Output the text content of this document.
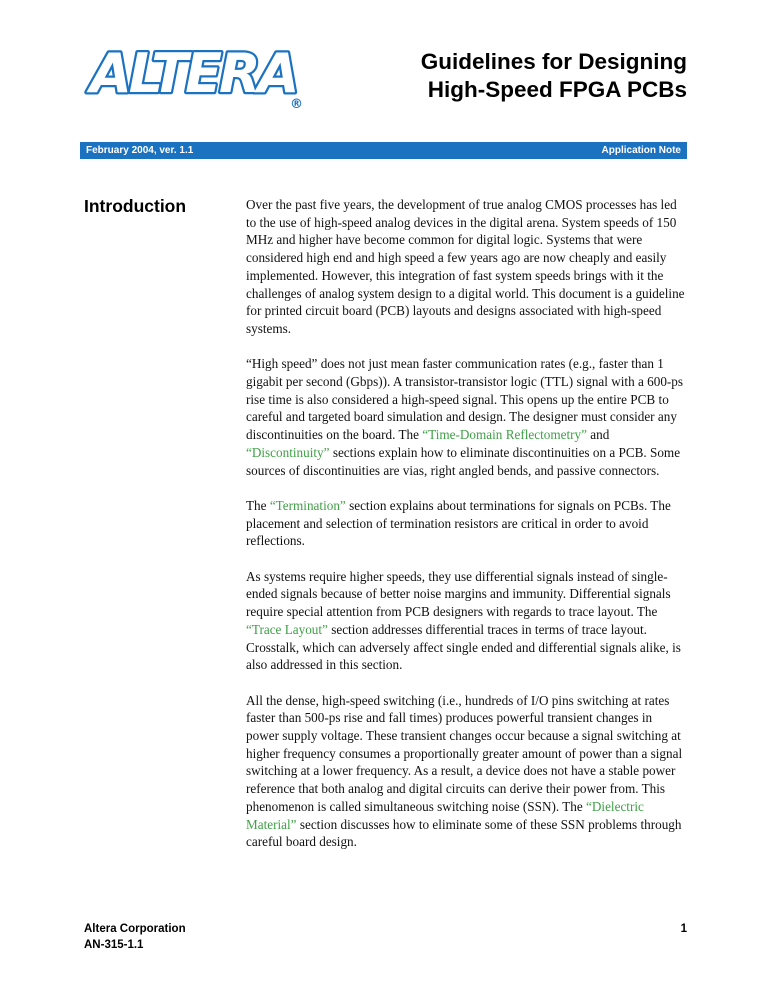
ALTERA
®
Guidelines for Designing
High-Speed FPGA PCBs
February 2004, ver. 1.1	Application Note
Introduction	Over the past five years, the development of true analog CMOS processes has led to the use of high-speed analog devices in the digital arena. System speeds of 150 MHz and higher have become common for digital logic. Systems that were considered high end and high speed a few years ago are now cheaply and easily implemented. However, this integration of fast system speeds brings with it the challenges of analog system design to a digital world. This document is a guideline for printed circuit board (PCB) layouts and designs associated with high-speed systems.

“High speed” does not just mean faster communication rates (e.g., faster than 1 gigabit per second (Gbps)). A transistor-transistor logic (TTL) signal with a 600-ps rise time is also considered a high-speed signal. This opens up the entire PCB to careful and targeted board simulation and design. The designer must consider any discontinuities on the board. The “Time-Domain Reflectometry” and “Discontinuity” sections explain how to eliminate discontinuities on a PCB. Some sources of discontinuities are vias, right angled bends, and passive connectors.

The “Termination” section explains about terminations for signals on PCBs. The placement and selection of termination resistors are critical in order to avoid reflections.

As systems require higher speeds, they use differential signals instead of single-ended signals because of better noise margins and immunity. Differential signals require special attention from PCB designers with regards to trace layout. The “Trace Layout” section addresses differential traces in terms of trace layout. Crosstalk, which can adversely affect single ended and differential signals alike, is also addressed in this section.

All the dense, high-speed switching (i.e., hundreds of I/O pins switching at rates faster than 500-ps rise and fall times) produces powerful transient changes in power supply voltage. These transient changes occur because a signal switching at higher frequency consumes a proportionally greater amount of power than a signal switching at a lower frequency. As a result, a device does not have a stable power reference that both analog and digital circuits can derive their power from. This phenomenon is called simultaneous switching noise (SSN). The “Dielectric Material” section discusses how to eliminate some of these SSN problems through careful board design.

Altera Corporation
AN-315-1.1
1
